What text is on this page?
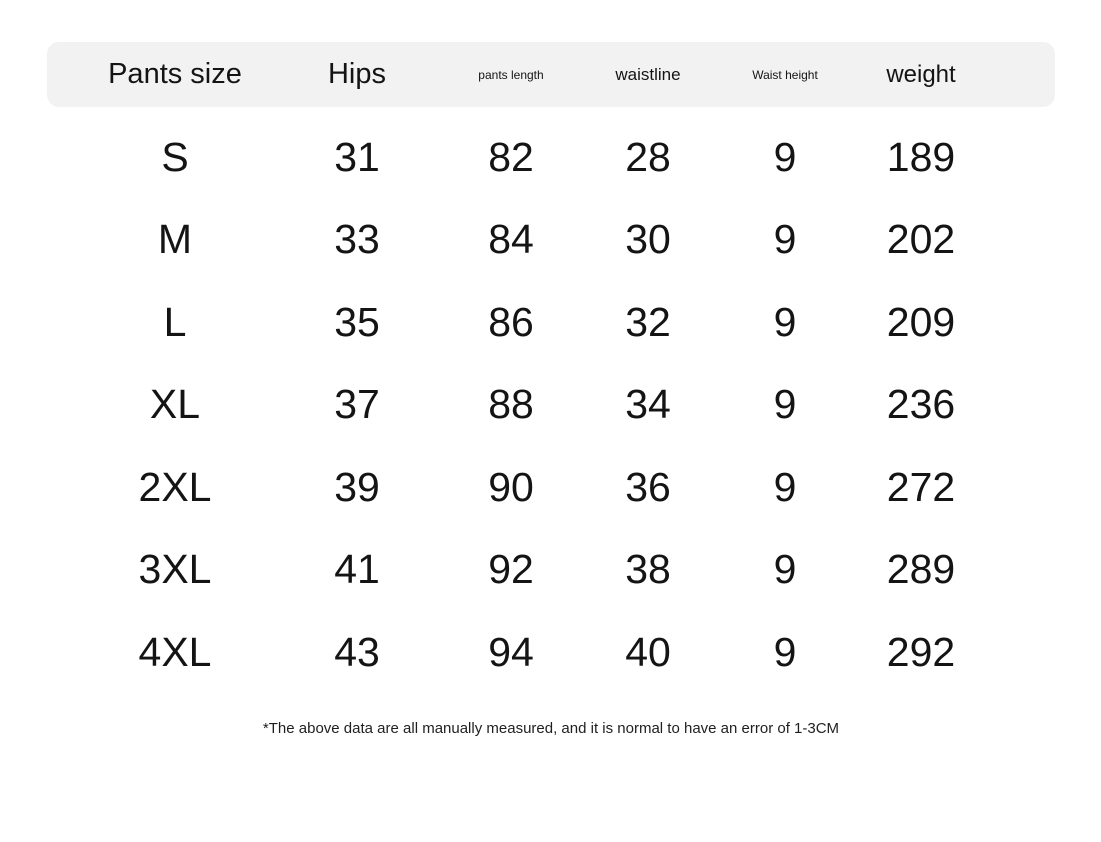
Pants size	Hips	pants length	waistline	Waist height	weight
S	31	82	28	9	189
M	33	84	30	9	202
L	35	86	32	9	209
XL	37	88	34	9	236
2XL	39	90	36	9	272
3XL	41	92	38	9	289
4XL	43	94	40	9	292
*The above data are all manually measured, and it is normal to have an error of 1-3CM
